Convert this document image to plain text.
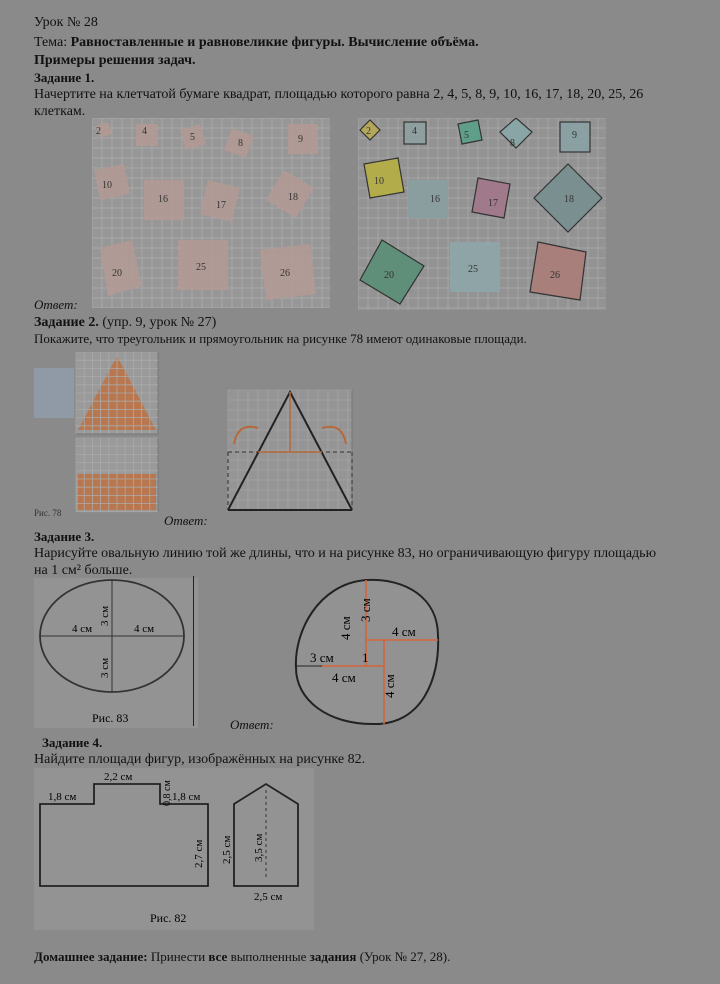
Урок № 28
Тема: Равноставленные и равновеликие фигуры. Вычисление объёма.
Примеры решения задач.
Задание 1.
Начертите на клетчатой бумаге квадрат, площадью которого равна 2, 4, 5, 8, 9, 10, 16, 17, 18, 20, 25, 26
клеткам.
2	4
5
8	9
10
16
17
18
20
25
26
2	4	5
8
9
10
16	17	18
20
25
26
Ответ:
Задание 2. (упр. 9, урок № 27)
Покажите, что треугольник и прямоугольник на рисунке 78 имеют одинаковые площади.
Рис. 78	Ответ:
Задание 3.
Нарисуйте овальную линию той же длины, что и на рисунке 83, но ограничивающую фигуру площадью
на 1 см² больше.
4 см	4 см
3 см
3 см
Рис. 83
4 см
3 см
4 см
3 см 1
4 см 4 см
Ответ:
Задание 4.
Найдите площади фигур, изображённых на рисунке 82.
2,2 см
1,8 см	0,8 см 1,8 см
2,7 см 2,5 см 3,5 см
2,5 см
Рис. 82
Домашнее задание: Принести все выполненные задания (Урок № 27, 28).
